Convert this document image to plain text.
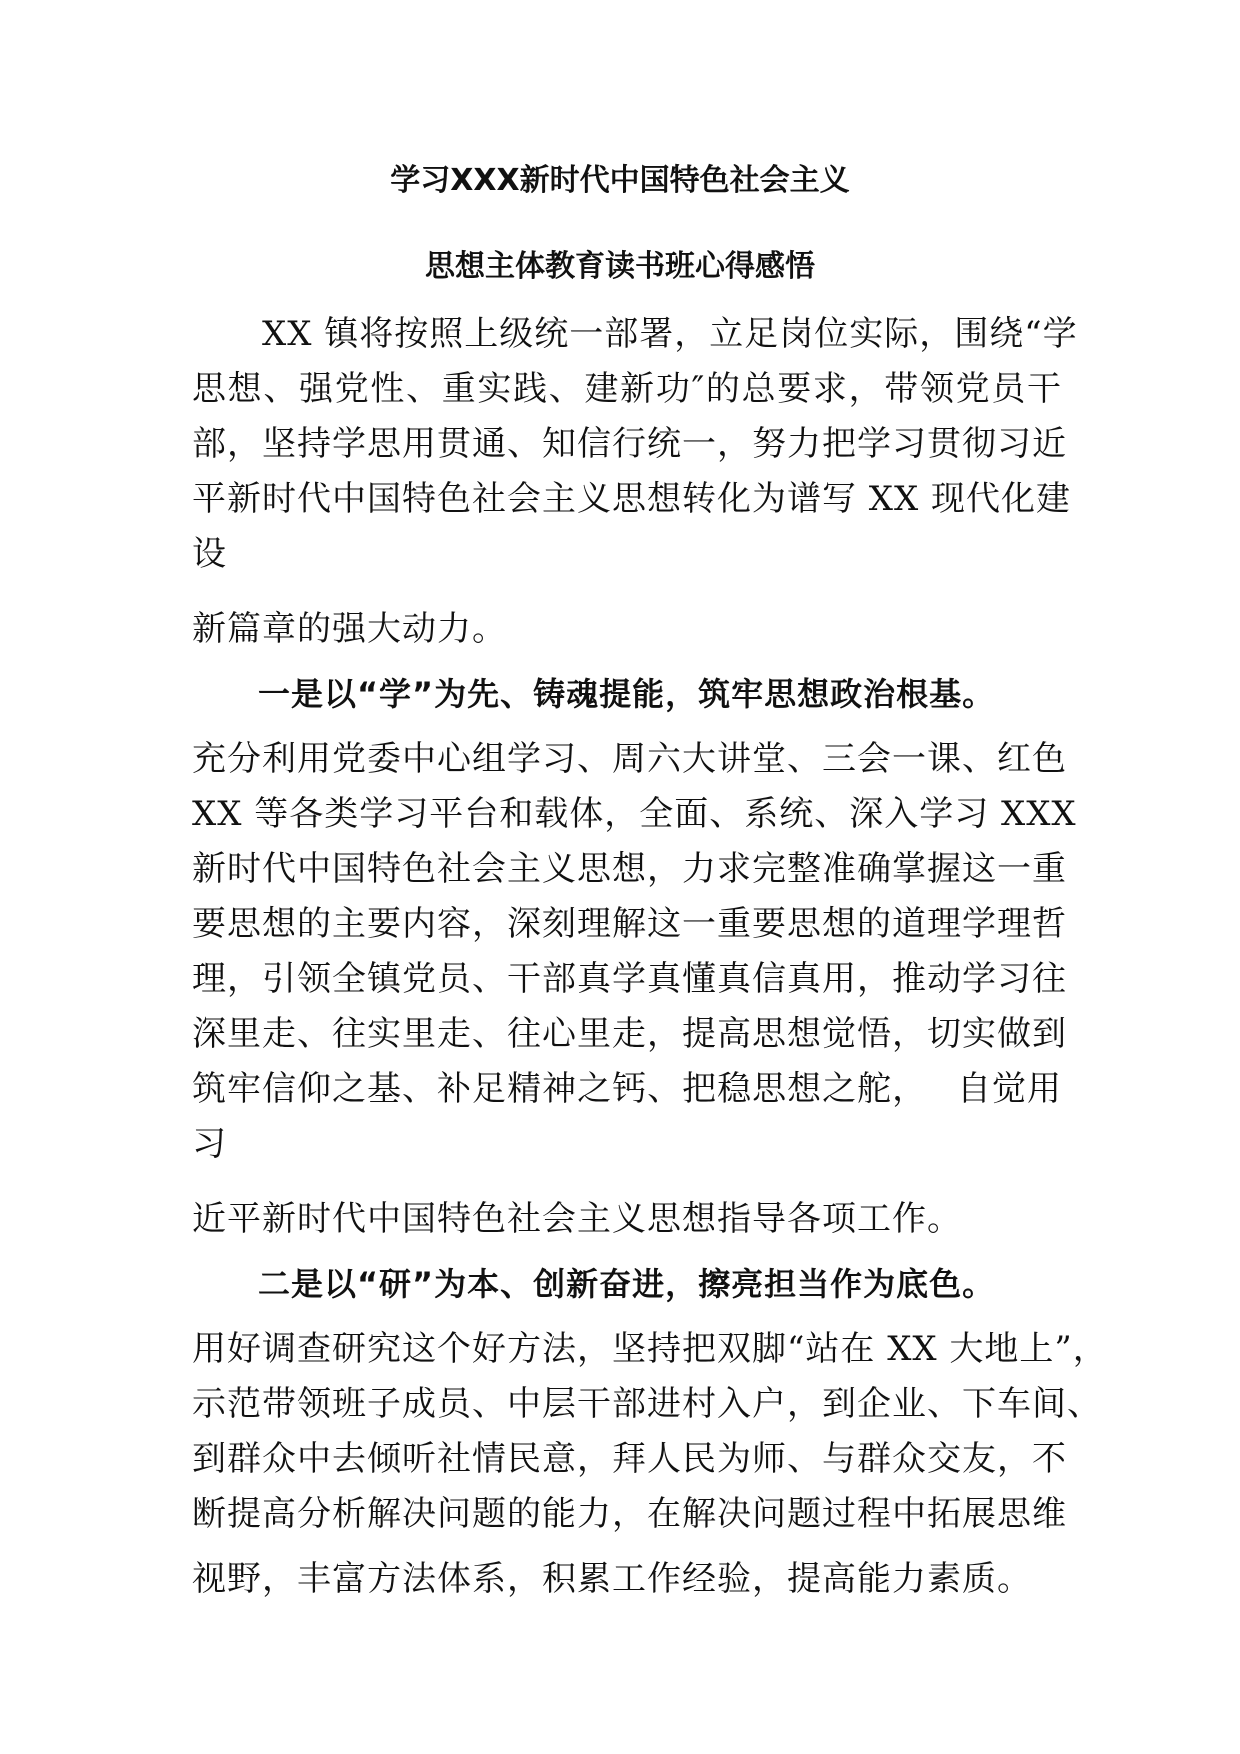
学习XXX新时代中国特色社会主义
思想主体教育读书班心得感悟
　　XX 镇将按照上级统一部署，立足岗位实际，围绕“学
思想、强党性、重实践、建新功″的总要求，带领党员干
部，坚持学思用贯通、知信行统一，努力把学习贯彻习近
平新时代中国特色社会主义思想转化为谱写 XX 现代化建
设
新篇章的强大动力。
　　一是以“学”为先、铸魂提能，筑牢思想政治根基。
充分利用党委中心组学习、周六大讲堂、三会一课、红色
XX 等各类学习平台和载体，全面、系统、深入学习 XXX
新时代中国特色社会主义思想，力求完整准确掌握这一重
要思想的主要内容，深刻理解这一重要思想的道理学理哲
理，引领全镇党员、干部真学真懂真信真用，推动学习往
深里走、往实里走、往心里走，提高思想觉悟，切实做到
筑牢信仰之基、补足精神之钙、把稳思想之舵，　 自觉用
习
近平新时代中国特色社会主义思想指导各项工作。
　　二是以“研”为本、创新奋进，擦亮担当作为底色。
用好调查研究这个好方法，坚持把双脚“站在 XX 大地上”，
示范带领班子成员、中层干部进村入户，到企业、下车间、
到群众中去倾听社情民意，拜人民为师、与群众交友，不
断提高分析解决问题的能力，在解决问题过程中拓展思维
视野，丰富方法体系，积累工作经验，提高能力素质。
